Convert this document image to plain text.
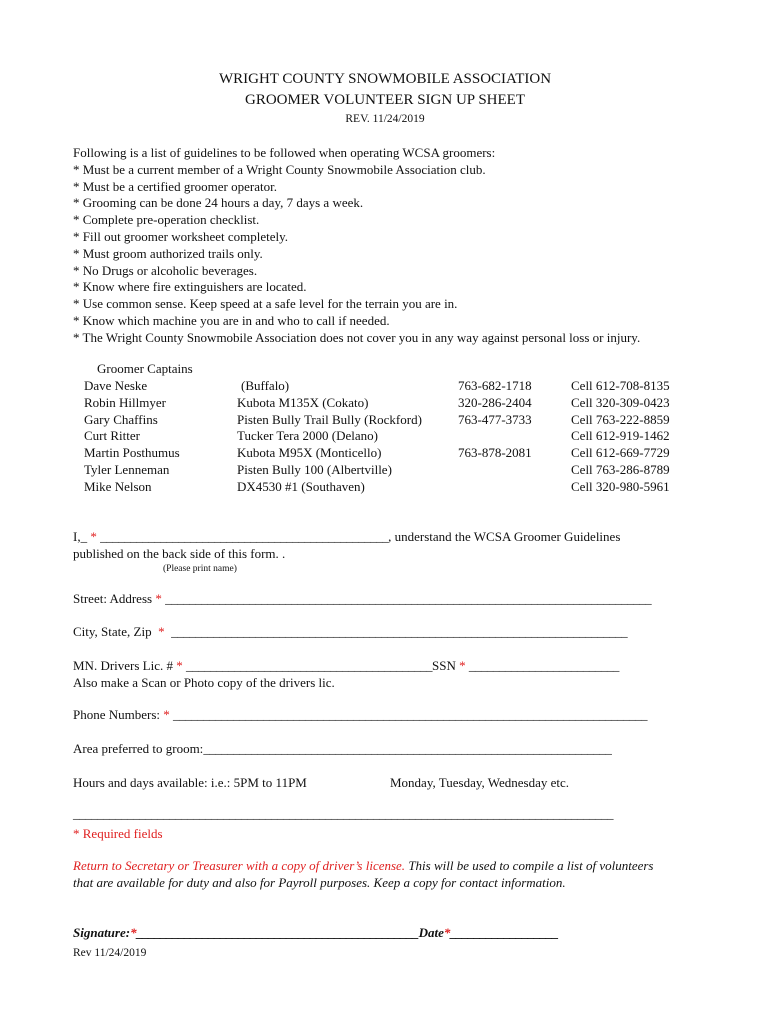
WRIGHT COUNTY SNOWMOBILE ASSOCIATION
GROOMER VOLUNTEER SIGN UP SHEET
REV. 11/24/2019
Following is a list of guidelines to be followed when operating WCSA groomers:
* Must be a current member of a Wright County Snowmobile Association club.
* Must be a certified groomer operator.
* Grooming can be done 24 hours a day, 7 days a week.
* Complete pre-operation checklist.
* Fill out groomer worksheet completely.
* Must groom authorized trails only.
* No Drugs or alcoholic beverages.
* Know where fire extinguishers are located.
* Use common sense. Keep speed at a safe level for the terrain you are in.
* Know which machine you are in and who to call if needed.
* The Wright County Snowmobile Association does not cover you in any way against personal loss or injury.
Groomer Captains
Dave Neske
Robin Hillmyer
Gary Chaffins
Curt Ritter
Martin Posthumus
Tyler Lenneman
Mike Nelson
(Buffalo)
Kubota M135X (Cokato)
Pisten Bully Trail Bully (Rockford)
Tucker Tera 2000 (Delano)
Kubota M95X (Monticello)
Pisten Bully 100 (Albertville)
DX4530 #1 (Southaven)
763-682-1718
320-286-2404
763-477-3733
763-878-2081
Cell 612-708-8135
Cell 320-309-0423
Cell 763-222-8859
Cell 612-919-1462
Cell 612-669-7729
Cell 763-286-8789
Cell 320-980-5961
I,_ * ________________________________________________, understand the WCSA Groomer Guidelines
published on the back side of this form. .
(Please print name)
Street: Address * _________________________________________________________________________________
City, State, Zip * ____________________________________________________________________________
MN. Drivers Lic. # * _________________________________________SSN * _________________________
Also make a Scan or Photo copy of the drivers lic.
Phone Numbers: * _______________________________________________________________________________
Area preferred to groom:____________________________________________________________________
Hours and days available: i.e.: 5PM to 11PM	Monday, Tuesday, Wednesday etc.
__________________________________________________________________________________________
* Required fields
Return to Secretary or Treasurer with a copy of driver’s license. This will be used to compile a list of volunteers
that are available for duty and also for Payroll purposes. Keep a copy for contact information.
Signature:*_______________________________________________Date*__________________
Rev 11/24/2019
